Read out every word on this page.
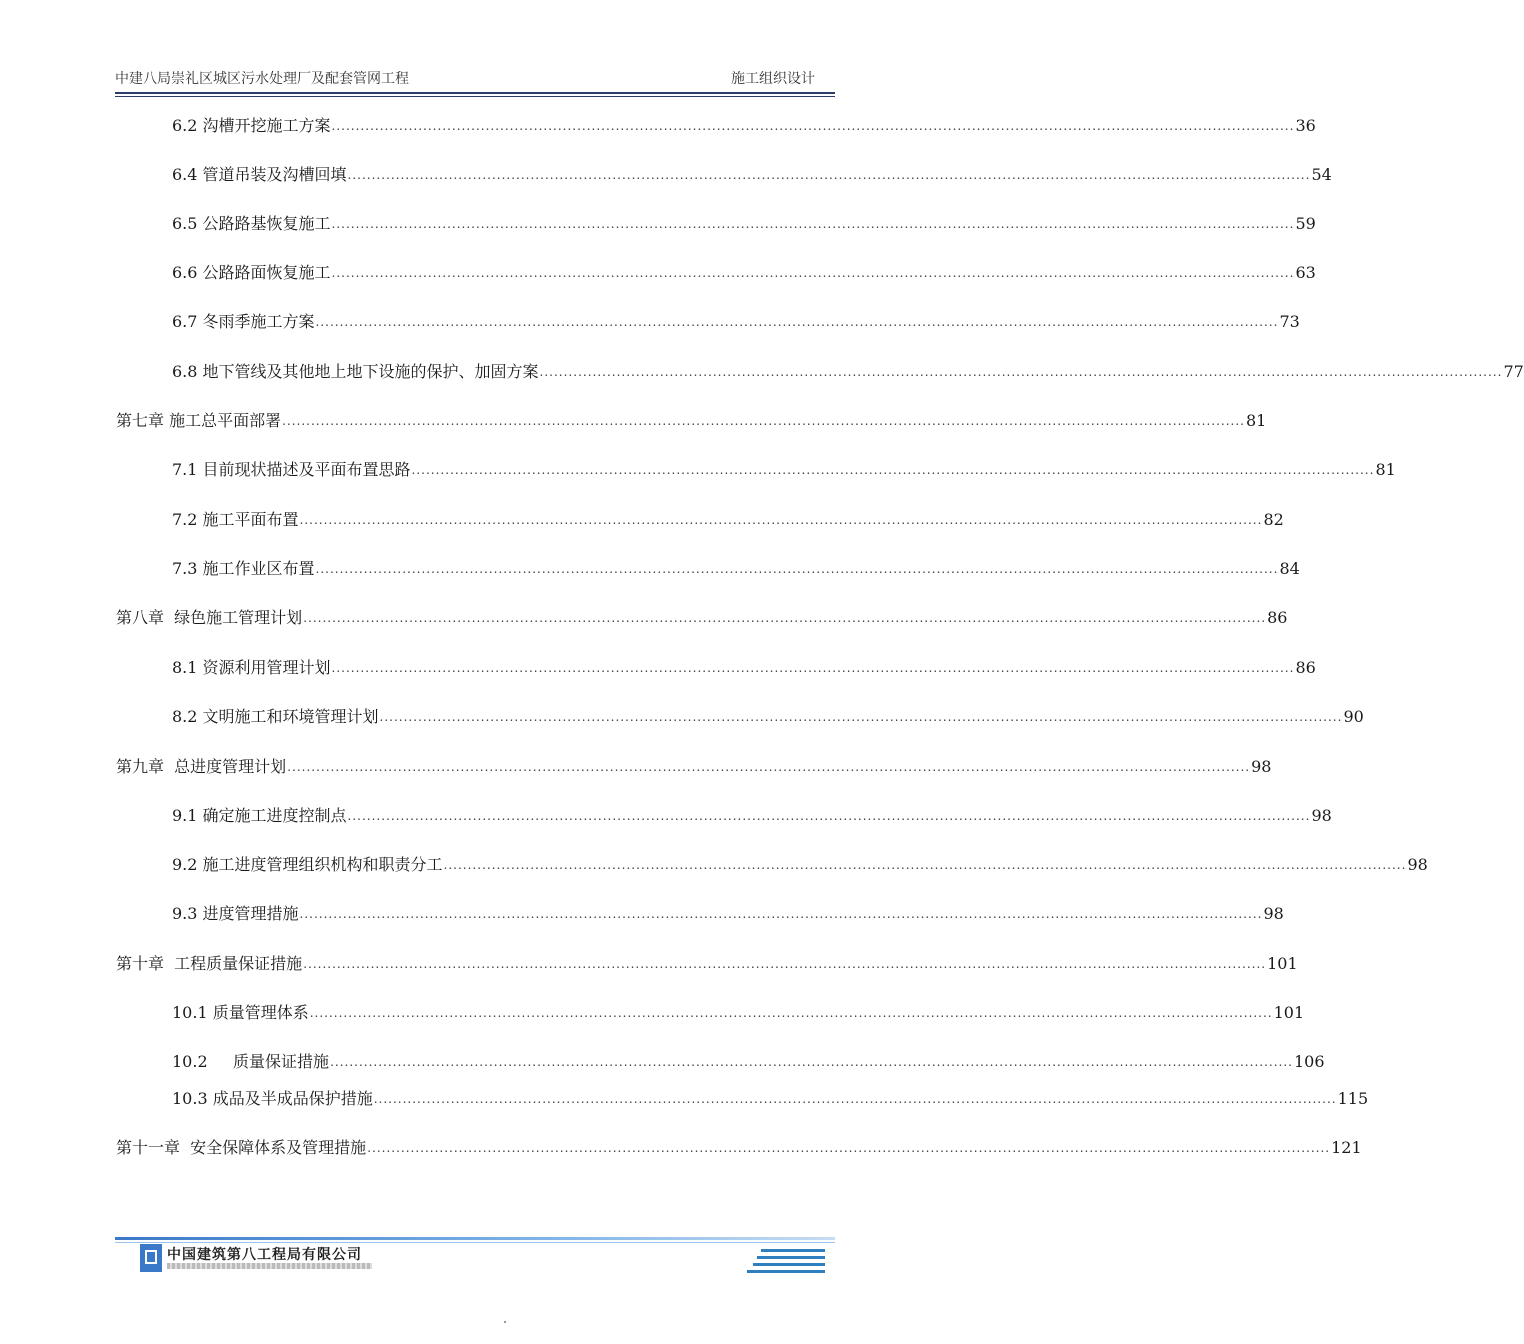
中建八局崇礼区城区污水处理厂及配套管网工程	施工组织设计
6.2 沟槽开挖施工方案 ........................................................................................................................................................................................................ 36
6.4 管道吊装及沟槽回填 ........................................................................................................................................................................................................ 54
6.5 公路路基恢复施工 ........................................................................................................................................................................................................ 59
6.6 公路路面恢复施工 ........................................................................................................................................................................................................ 63
6.7 冬雨季施工方案 ........................................................................................................................................................................................................ 73
6.8 地下管线及其他地上地下设施的保护、加固方案 ........................................................................................................................................................................................................ 77
第七章 施工总平面部署 ........................................................................................................................................................................................................ 81
7.1 目前现状描述及平面布置思路 ........................................................................................................................................................................................................ 81
7.2 施工平面布置 ........................................................................................................................................................................................................ 82
7.3 施工作业区布置 ........................................................................................................................................................................................................ 84
第八章  绿色施工管理计划 ........................................................................................................................................................................................................ 86
8.1 资源利用管理计划 ........................................................................................................................................................................................................ 86
8.2 文明施工和环境管理计划 ........................................................................................................................................................................................................ 90
第九章  总进度管理计划 ........................................................................................................................................................................................................ 98
9.1 确定施工进度控制点 ........................................................................................................................................................................................................ 98
9.2 施工进度管理组织机构和职责分工 ........................................................................................................................................................................................................ 98
9.3 进度管理措施 ........................................................................................................................................................................................................ 98
第十章  工程质量保证措施 ........................................................................................................................................................................................................ 101
10.1 质量管理体系 ........................................................................................................................................................................................................ 101
10.2     质量保证措施 ........................................................................................................................................................................................................ 106
10.3 成品及半成品保护措施 ........................................................................................................................................................................................................ 115
第十一章  安全保障体系及管理措施 ........................................................................................................................................................................................................ 121
中国建筑第八工程局有限公司
